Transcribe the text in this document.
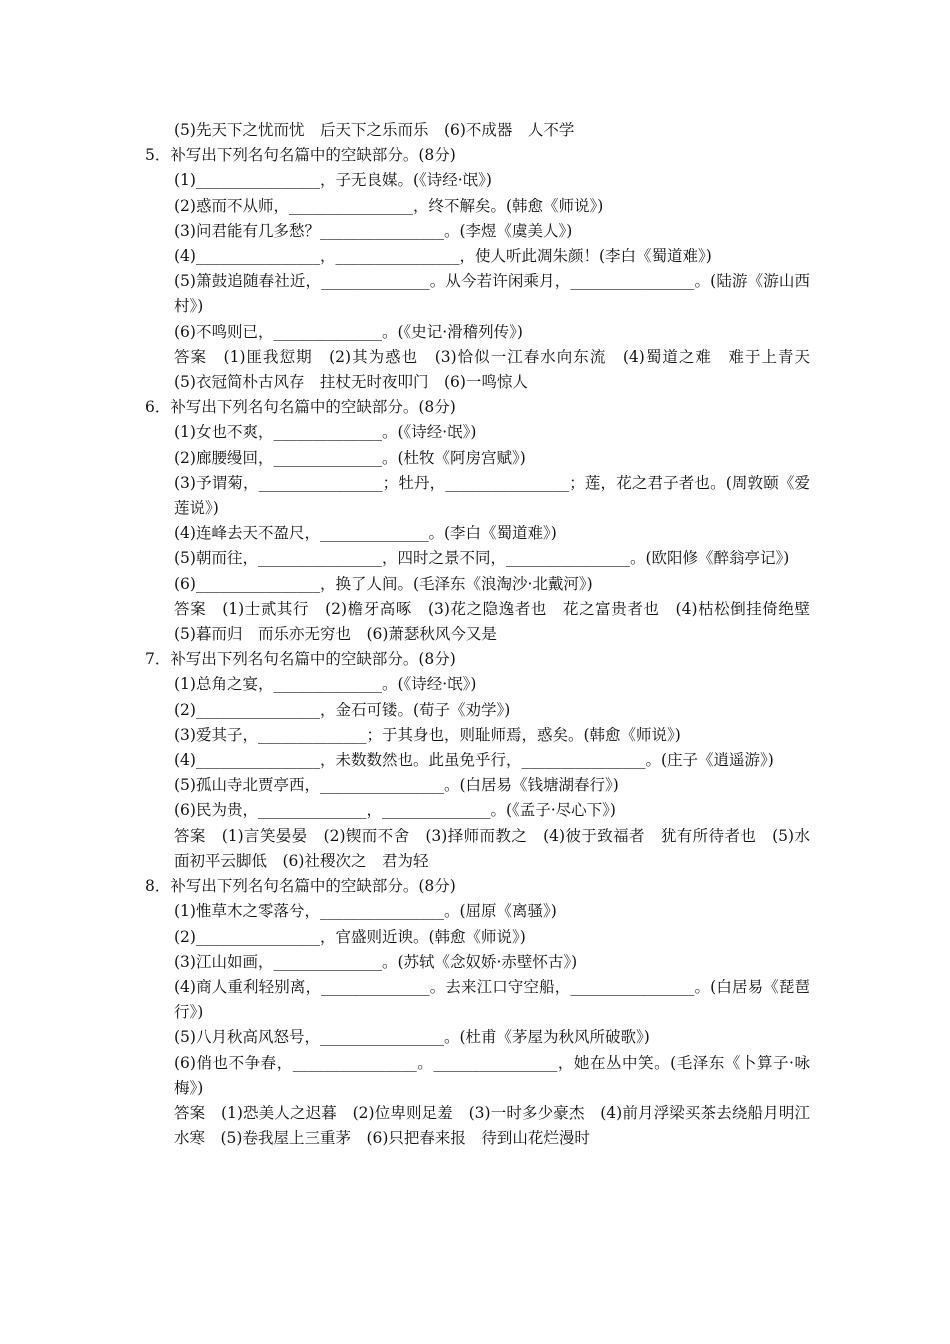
(5)先天下之忧而忧　后天下之乐而乐　(6)不成器　人不学
5．补写出下列名句名篇中的空缺部分。(8分)
(1)________________，子无良媒。(《诗经·氓》)
(2)惑而不从师，________________，终不解矣。(韩愈《师说》)
(3)问君能有几多愁？________________。(李煜《虞美人》)
(4)________________，________________，使人听此凋朱颜！(李白《蜀道难》)
(5)箫鼓追随春社近，______________。从今若许闲乘月，________________。(陆游《游山西村》)
(6)不鸣则已，______________。(《史记·滑稽列传》)
答案　(1)匪我愆期　(2)其为惑也　(3)恰似一江春水向东流　(4)蜀道之难　难于上青天　(5)衣冠简朴古风存　拄杖无时夜叩门　(6)一鸣惊人
6．补写出下列名句名篇中的空缺部分。(8分)
(1)女也不爽，______________。(《诗经·氓》)
(2)廊腰缦回，______________。(杜牧《阿房宫赋》)
(3)予谓菊，________________；牡丹，________________；莲，花之君子者也。(周敦颐《爱莲说》)
(4)连峰去天不盈尺，______________。(李白《蜀道难》)
(5)朝而往，________________，四时之景不同，________________。(欧阳修《醉翁亭记》)
(6)________________，换了人间。(毛泽东《浪淘沙·北戴河》)
答案　(1)士贰其行　(2)檐牙高啄　(3)花之隐逸者也　花之富贵者也　(4)枯松倒挂倚绝壁　(5)暮而归　而乐亦无穷也　(6)萧瑟秋风今又是
7．补写出下列名句名篇中的空缺部分。(8分)
(1)总角之宴，______________。(《诗经·氓》)
(2)________________，金石可镂。(荀子《劝学》)
(3)爱其子，______________；于其身也，则耻师焉，惑矣。(韩愈《师说》)
(4)________________，未数数然也。此虽免乎行，________________。(庄子《逍遥游》)
(5)孤山寺北贾亭西，________________。(白居易《钱塘湖春行》)
(6)民为贵，______________，______________。(《孟子·尽心下》)
答案　(1)言笑晏晏　(2)锲而不舍　(3)择师而教之　(4)彼于致福者　犹有所待者也　(5)水面初平云脚低　(6)社稷次之　君为轻
8．补写出下列名句名篇中的空缺部分。(8分)
(1)惟草木之零落兮，________________。(屈原《离骚》)
(2)________________，官盛则近谀。(韩愈《师说》)
(3)江山如画，______________。(苏轼《念奴娇·赤壁怀古》)
(4)商人重利轻别离，______________。去来江口守空船，________________。(白居易《琵琶行》)
(5)八月秋高风怒号，________________。(杜甫《茅屋为秋风所破歌》)
(6)俏也不争春，________________。________________，她在丛中笑。(毛泽东《卜算子·咏梅》)
答案　(1)恐美人之迟暮　(2)位卑则足羞　(3)一时多少豪杰　(4)前月浮梁买茶去绕船月明江水寒　(5)卷我屋上三重茅　(6)只把春来报　待到山花烂漫时
